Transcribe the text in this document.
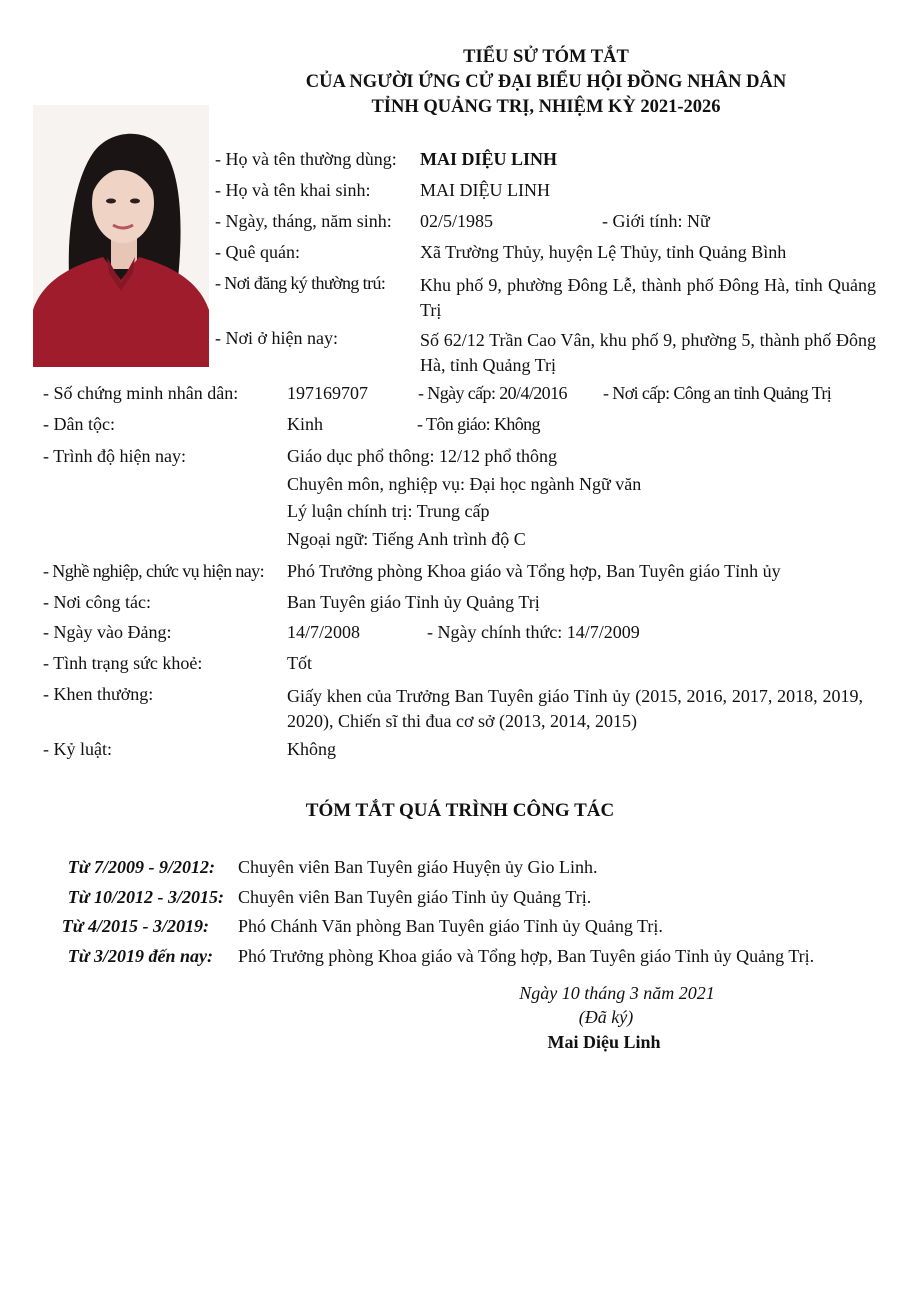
TIỂU SỬ TÓM TẮT
CỦA NGƯỜI ỨNG CỬ ĐẠI BIỂU HỘI ĐỒNG NHÂN DÂN
TỈNH QUẢNG TRỊ, NHIỆM KỲ 2021-2026
- Họ và tên thường dùng: MAI DIỆU LINH
- Họ và tên khai sinh:	MAI DIỆU LINH
- Ngày, tháng, năm sinh: 02/5/1985	- Giới tính: Nữ
- Quê quán:	Xã Trường Thủy, huyện Lệ Thủy, tỉnh Quảng Bình
- Nơi đăng ký thường trú: Khu phố 9, phường Đông Lễ, thành phố Đông Hà, tỉnh Quảng Trị
- Nơi ở hiện nay:	Số 62/12 Trần Cao Vân, khu phố 9, phường 5, thành phố Đông Hà, tỉnh Quảng Trị
- Số chứng minh nhân dân:	197169707	- Ngày cấp: 20/4/2016 - Nơi cấp: Công an tỉnh Quảng Trị
- Dân tộc:	Kinh	- Tôn giáo: Không
- Trình độ hiện nay:	Giáo dục phổ thông: 12/12 phổ thông
Chuyên môn, nghiệp vụ: Đại học ngành Ngữ văn
Lý luận chính trị: Trung cấp
Ngoại ngữ: Tiếng Anh trình độ C
- Nghề nghiệp, chức vụ hiện nay: Phó Trưởng phòng Khoa giáo và Tổng hợp, Ban Tuyên giáo Tỉnh ủy
- Nơi công tác:	Ban Tuyên giáo Tỉnh ủy Quảng Trị
- Ngày vào Đảng:	14/7/2008	- Ngày chính thức: 14/7/2009
- Tình trạng sức khoẻ:	Tốt
- Khen thưởng:	Giấy khen của Trưởng Ban Tuyên giáo Tỉnh ủy (2015, 2016, 2017, 2018, 2019, 2020), Chiến sĩ thi đua cơ sở (2013, 2014, 2015)
- Kỷ luật:	Không
TÓM TẮT QUÁ TRÌNH CÔNG TÁC
Từ 7/2009 - 9/2012: Chuyên viên Ban Tuyên giáo Huyện ủy Gio Linh.
Từ 10/2012 - 3/2015: Chuyên viên Ban Tuyên giáo Tỉnh ủy Quảng Trị.
Từ 4/2015 - 3/2019: Phó Chánh Văn phòng Ban Tuyên giáo Tỉnh ủy Quảng Trị.
Từ 3/2019 đến nay: Phó Trưởng phòng Khoa giáo và Tổng hợp, Ban Tuyên giáo Tỉnh ủy Quảng Trị.
Ngày 10 tháng 3 năm 2021
(Đã ký)
Mai Diệu Linh
